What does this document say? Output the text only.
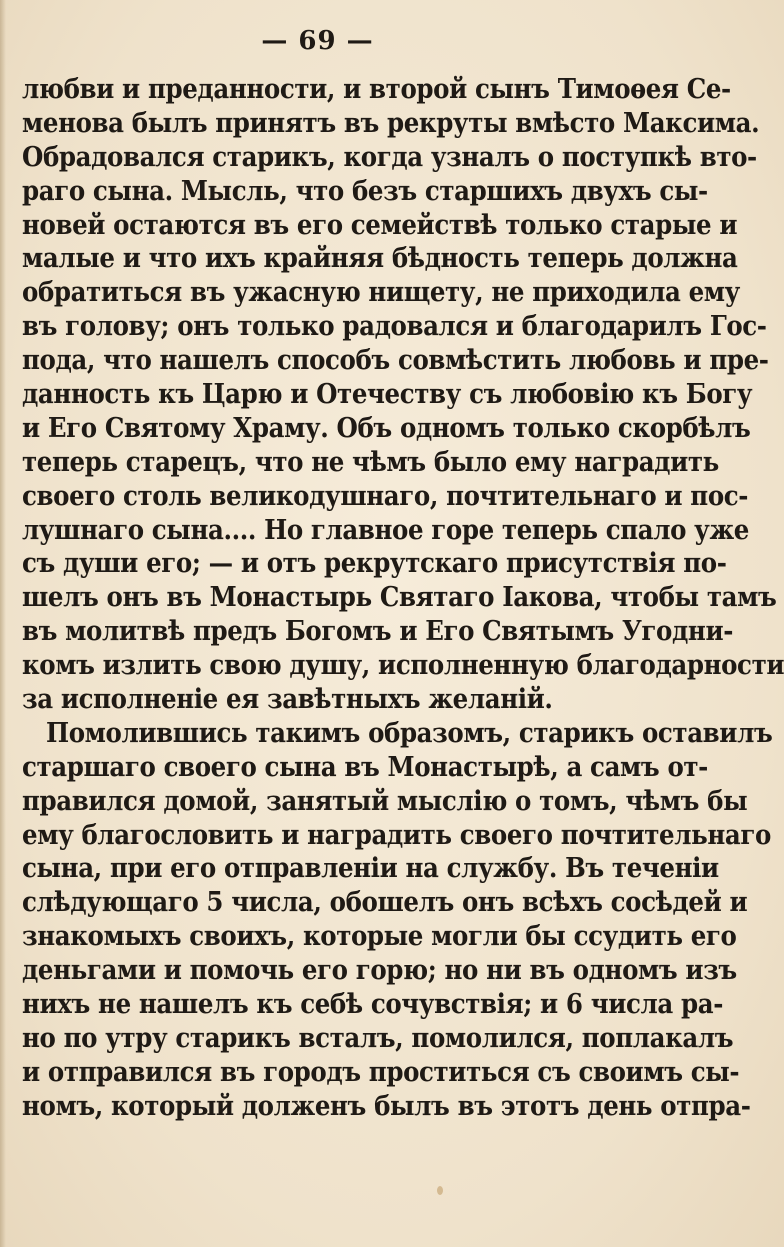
— 69 —
любви и преданности, и второй сынъ Тимоѳея Се-
менова былъ принятъ въ рекруты вмѣсто Максима.
Обрадовался старикъ, когда узналъ о поступкѣ вто-
раго сына. Мысль, что безъ старшихъ двухъ сы-
новей остаются въ его семействѣ только старые и
малые и что ихъ крайняя бѣдность теперь должна
обратиться въ ужасную нищету, не приходила ему
въ голову; онъ только радовался и благодарилъ Гос-
пода, что нашелъ способъ совмѣстить любовь и пре-
данность къ Царю и Отечеству съ любовію къ Богу
и Его Святому Храму. Объ одномъ только скорбѣлъ
теперь старецъ, что не чѣмъ было ему наградить
своего столь великодушнаго, почтительнаго и пос-
лушнаго сына.... Но главное горе теперь спало уже
съ души его; — и отъ рекрутскаго присутствія по-
шелъ онъ въ Монастырь Святаго Іакова, чтобы тамъ
въ молитвѣ предъ Богомъ и Его Святымъ Угодни-
комъ излить свою душу, исполненную благодарности
за исполненіе ея завѣтныхъ желаній.
Помолившись такимъ образомъ, старикъ оставилъ
старшаго своего сына въ Монастырѣ, а самъ от-
правился домой, занятый мыслію о томъ, чѣмъ бы
ему благословить и наградить своего почтительнаго
сына, при его отправленіи на службу. Въ теченіи
слѣдующаго 5 числа, обошелъ онъ всѣхъ сосѣдей и
знакомыхъ своихъ, которые могли бы ссудить его
деньгами и помочь его горю; но ни въ одномъ изъ
нихъ не нашелъ къ себѣ сочувствія; и 6 числа ра-
но по утру старикъ всталъ, помолился, поплакалъ
и отправился въ городъ проститься съ своимъ сы-
номъ, который долженъ былъ въ этотъ день отпра-
